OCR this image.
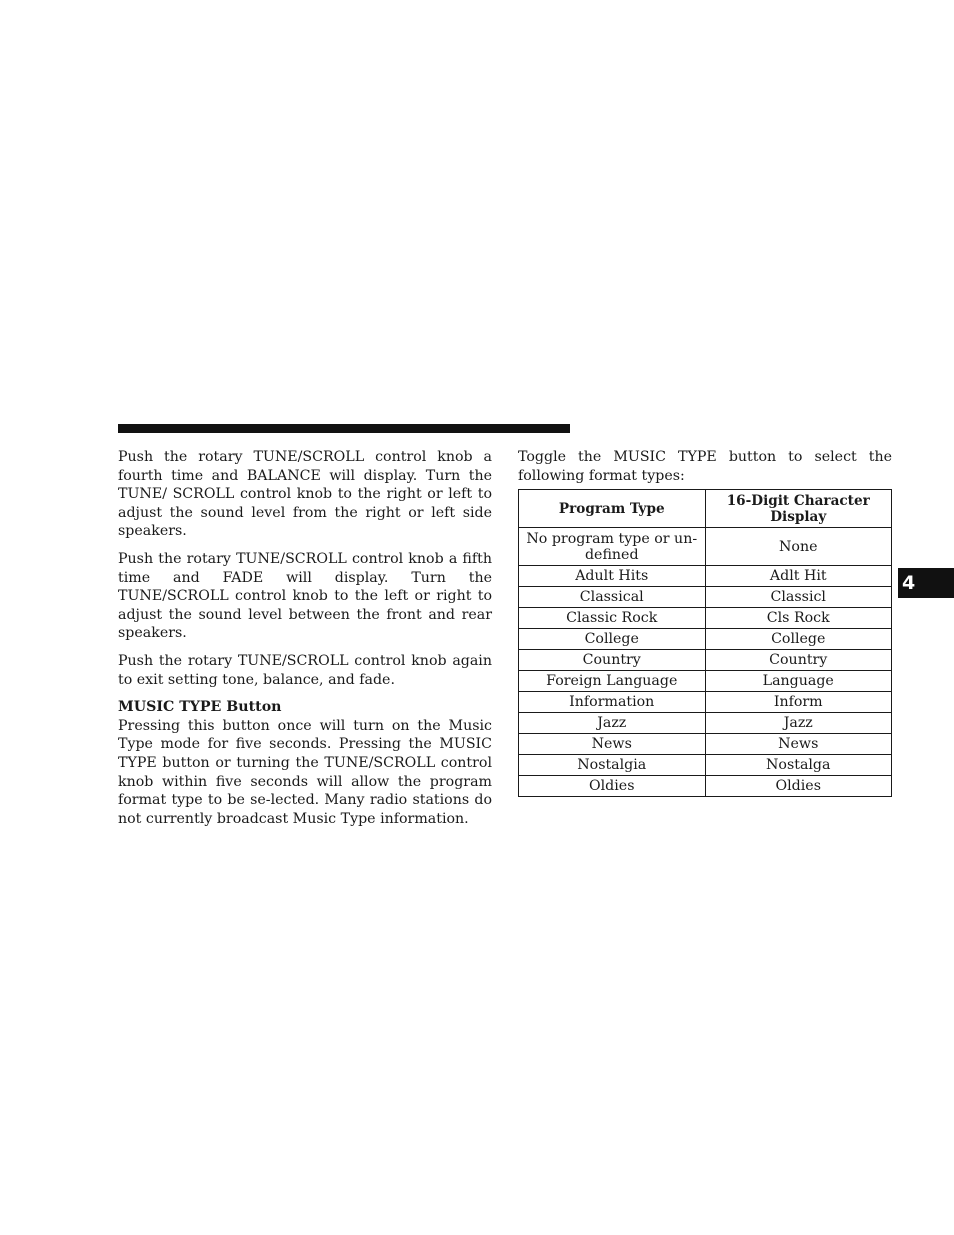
Push the rotary TUNE/SCROLL control knob a fourth time and BALANCE will display. Turn the TUNE/ SCROLL control knob to the right or left to adjust the sound level from the right or left side speakers.

Push the rotary TUNE/SCROLL control knob a fifth time and FADE will display. Turn the TUNE/SCROLL control knob to the left or right to adjust the sound level between the front and rear speakers.

Push the rotary TUNE/SCROLL control knob again to exit setting tone, balance, and fade.

MUSIC TYPE Button

Pressing this button once will turn on the Music Type mode for five seconds. Pressing the MUSIC TYPE button or turning the TUNE/SCROLL control knob within five seconds will allow the program format type to be se-lected. Many radio stations do not currently broadcast Music Type information.

Toggle the MUSIC TYPE button to select the following format types:

Program Type	16-Digit Character Display
No program type or un-defined	None
Adult Hits	Adlt Hit
Classical	Classicl
Classic Rock	Cls Rock
College	College
Country	Country
Foreign Language	Language
Information	Inform
Jazz	Jazz
News	News
Nostalgia	Nostalga
Oldies	Oldies
4
